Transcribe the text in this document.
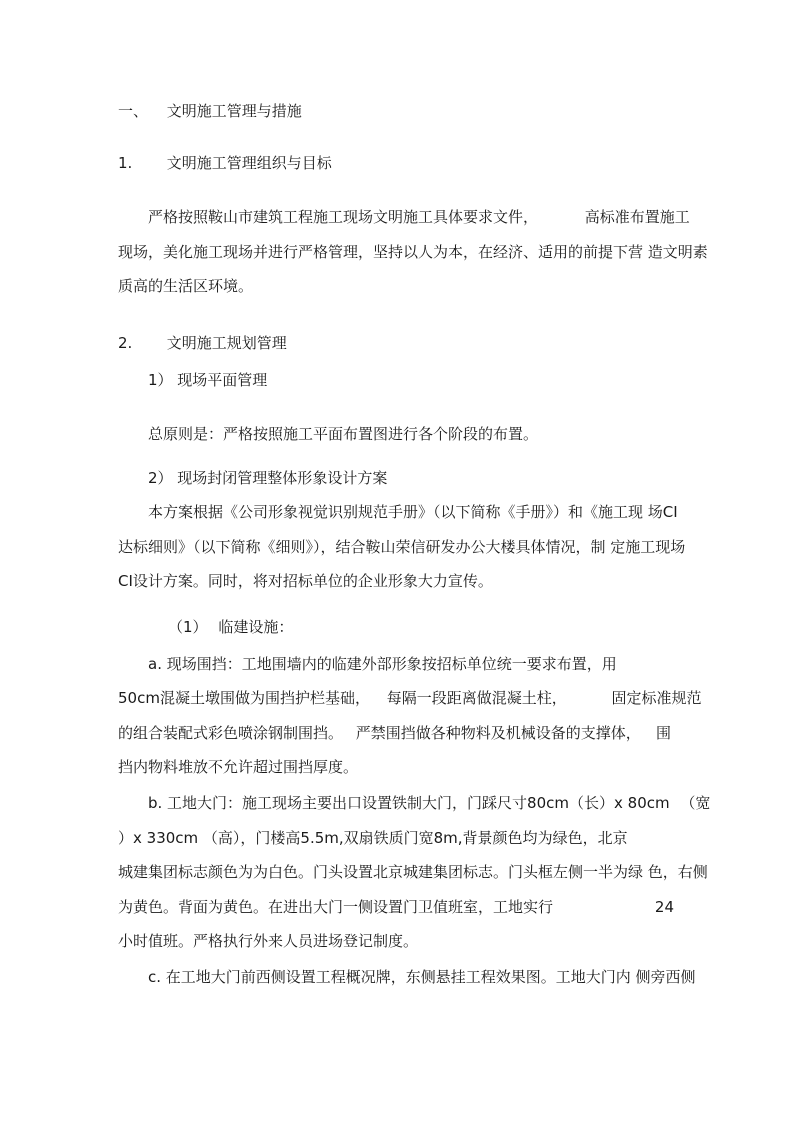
一、 文明施工管理与措施
1. 文明施工管理组织与目标
严格按照鞍山市建筑工程施工现场文明施工具体要求文件，	高标准布置施工
现场，美化施工现场并进行严格管理，坚持以人为本，在经济、适用的前提下营 造文明素
质高的生活区环境。
2. 文明施工规划管理
1） 现场平面管理
总原则是：严格按照施工平面布置图进行各个阶段的布置。
2） 现场封闭管理整体形象设计方案
本方案根据《公司形象视觉识别规范手册》（以下简称《手册》）和《施工现 场CI
达标细则》（以下简称《细则》），结合鞍山荣信研发办公大楼具体情况，制 定施工现场
CI设计方案。同时，将对招标单位的企业形象大力宣传。
（1） 临建设施：
a. 现场围挡：工地围墙内的临建外部形象按招标单位统一要求布置，用
50cm混凝土墩围做为围挡护栏基础， 每隔一段距离做混凝土柱，	固定标准规范
的组合装配式彩色喷涂钢制围挡。 严禁围挡做各种物料及机械设备的支撑体， 围
挡内物料堆放不允许超过围挡厚度。
b. 工地大门：施工现场主要出口设置铁制大门，门踩尺寸80cm（长）x 80cm （宽
）x 330cm （高），门楼高5.5m,双扇铁质门宽8m,背景颜色均为绿色，北京
城建集团标志颜色为为白色。门头设置北京城建集团标志。门头框左侧一半为绿 色，右侧
为黄色。背面为黄色。在进出大门一侧设置门卫值班室，工地实行	24
小时值班。严格执行外来人员进场登记制度。
c. 在工地大门前西侧设置工程概况牌，东侧悬挂工程效果图。工地大门内 侧旁西侧
